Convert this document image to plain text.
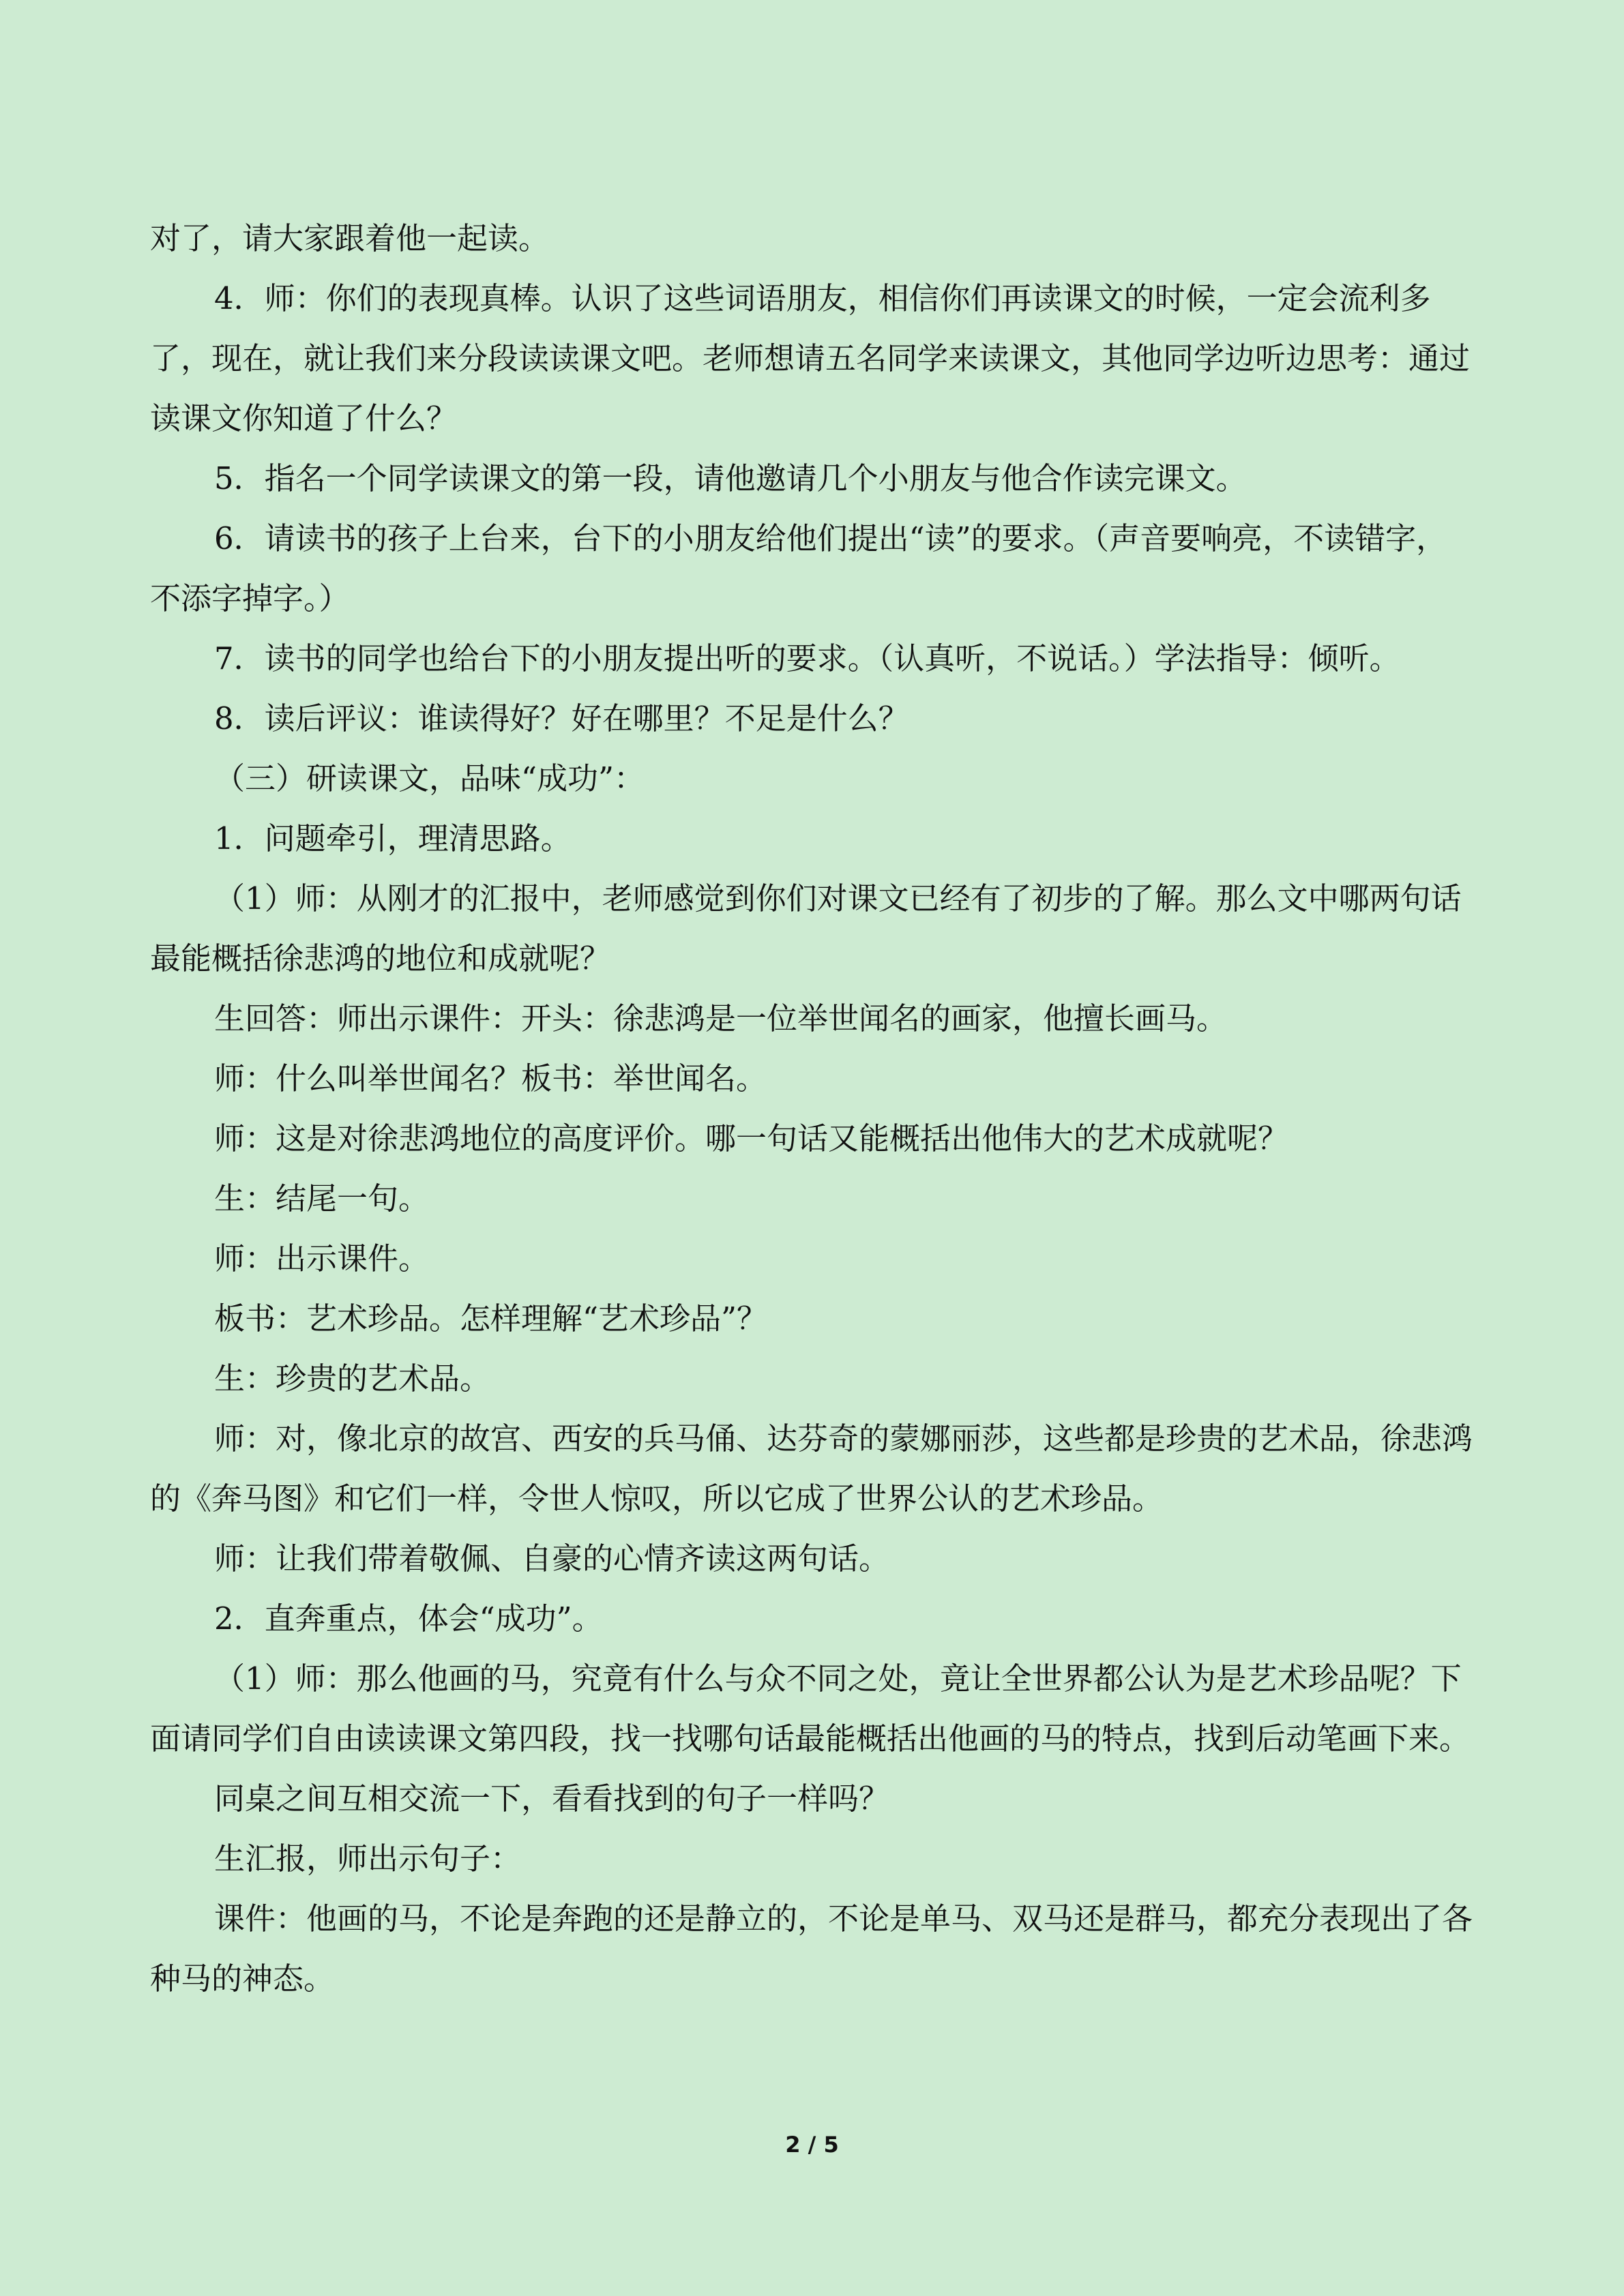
对了，请大家跟着他一起读。

4．师：你们的表现真棒。认识了这些词语朋友，相信你们再读课文的时候，一定会流利多了，现在，就让我们来分段读读课文吧。老师想请五名同学来读课文，其他同学边听边思考：通过读课文你知道了什么？

5．指名一个同学读课文的第一段，请他邀请几个小朋友与他合作读完课文。

6．请读书的孩子上台来，台下的小朋友给他们提出“读”的要求。（声音要响亮，不读错字，不添字掉字。）

7．读书的同学也给台下的小朋友提出听的要求。（认真听，不说话。）学法指导：倾听。

8．读后评议：谁读得好？好在哪里？不足是什么？

（三）研读课文，品味“成功”：

1．问题牵引，理清思路。

（1）师：从刚才的汇报中，老师感觉到你们对课文已经有了初步的了解。那么文中哪两句话最能概括徐悲鸿的地位和成就呢？

生回答：师出示课件：开头：徐悲鸿是一位举世闻名的画家，他擅长画马。

师：什么叫举世闻名？板书：举世闻名。

师：这是对徐悲鸿地位的高度评价。哪一句话又能概括出他伟大的艺术成就呢？

生：结尾一句。

师：出示课件。

板书：艺术珍品。怎样理解“艺术珍品”？

生：珍贵的艺术品。

师：对，像北京的故宫、西安的兵马俑、达芬奇的蒙娜丽莎，这些都是珍贵的艺术品，徐悲鸿的《奔马图》和它们一样，令世人惊叹，所以它成了世界公认的艺术珍品。

师：让我们带着敬佩、自豪的心情齐读这两句话。

2．直奔重点，体会“成功”。

（1）师：那么他画的马，究竟有什么与众不同之处，竟让全世界都公认为是艺术珍品呢？下面请同学们自由读读课文第四段，找一找哪句话最能概括出他画的马的特点，找到后动笔画下来。

同桌之间互相交流一下，看看找到的句子一样吗？

生汇报，师出示句子：

课件：他画的马，不论是奔跑的还是静立的，不论是单马、双马还是群马，都充分表现出了各种马的神态。

2 / 5
